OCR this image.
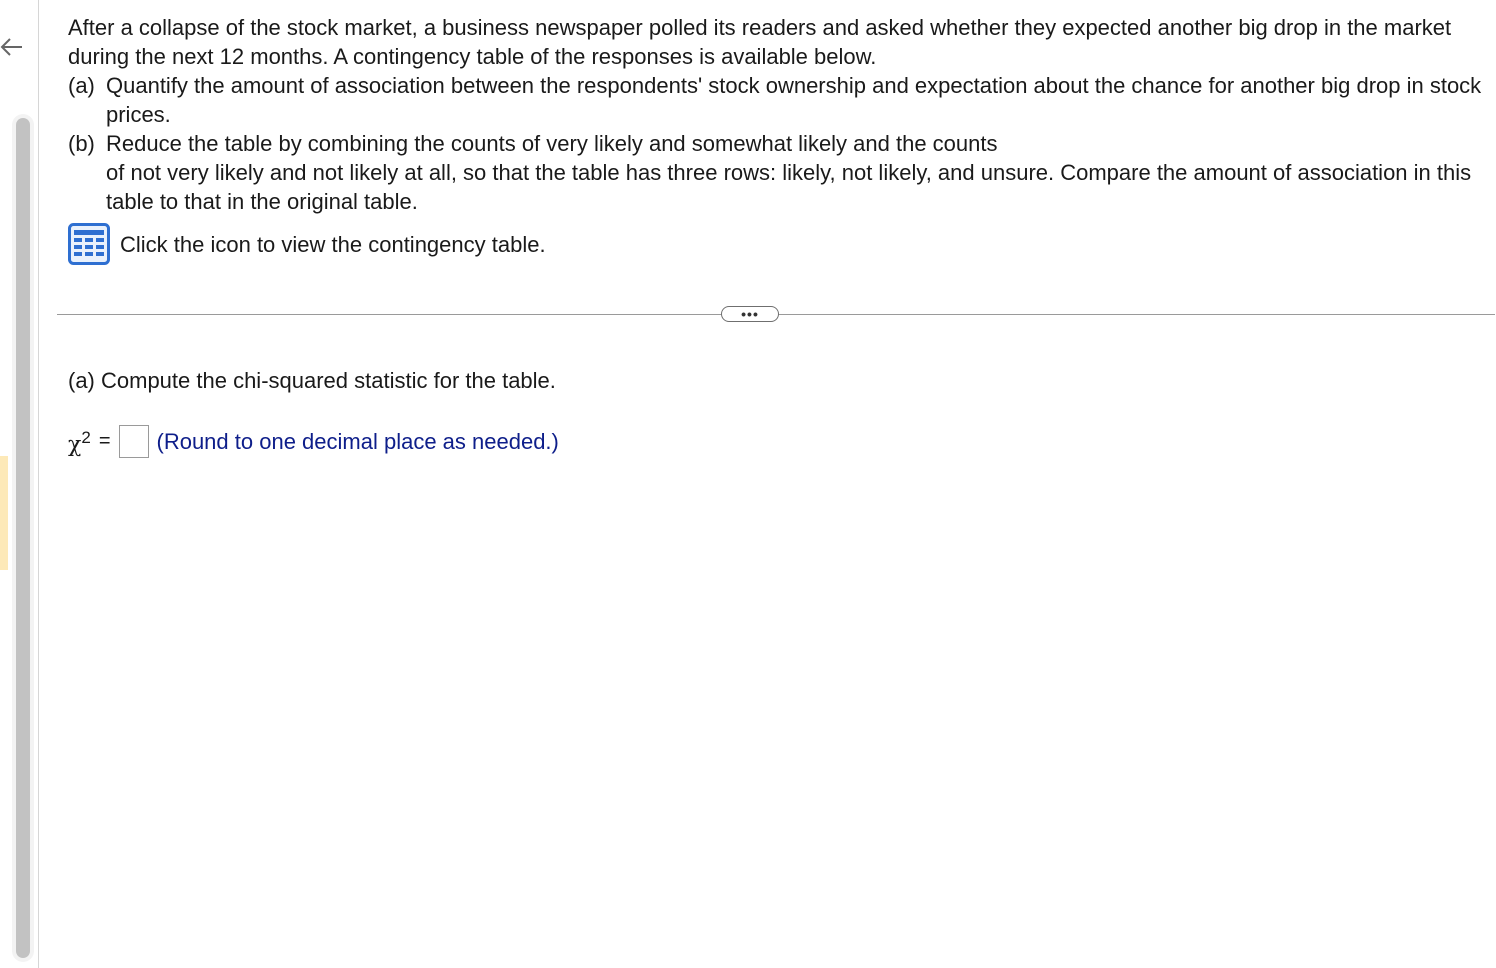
After a collapse of the stock market, a business newspaper polled its readers and asked whether they expected another big drop in the market during the next 12 months. A contingency table of the responses is available below.

(a) Quantify the amount of association between the respondents' stock ownership and expectation about the chance for another big drop in stock prices.
(b) Reduce the table by combining the counts of very likely and somewhat likely and the counts
of not very likely and not likely at all, so that the table has three rows: likely, not likely, and unsure. Compare the amount of association in this table to that in the original table.
Click the icon to view the contingency table.
•••

(a) Compute the chi-squared statistic for the table.

$\chi^2$ = (Round to one decimal place as needed.)
